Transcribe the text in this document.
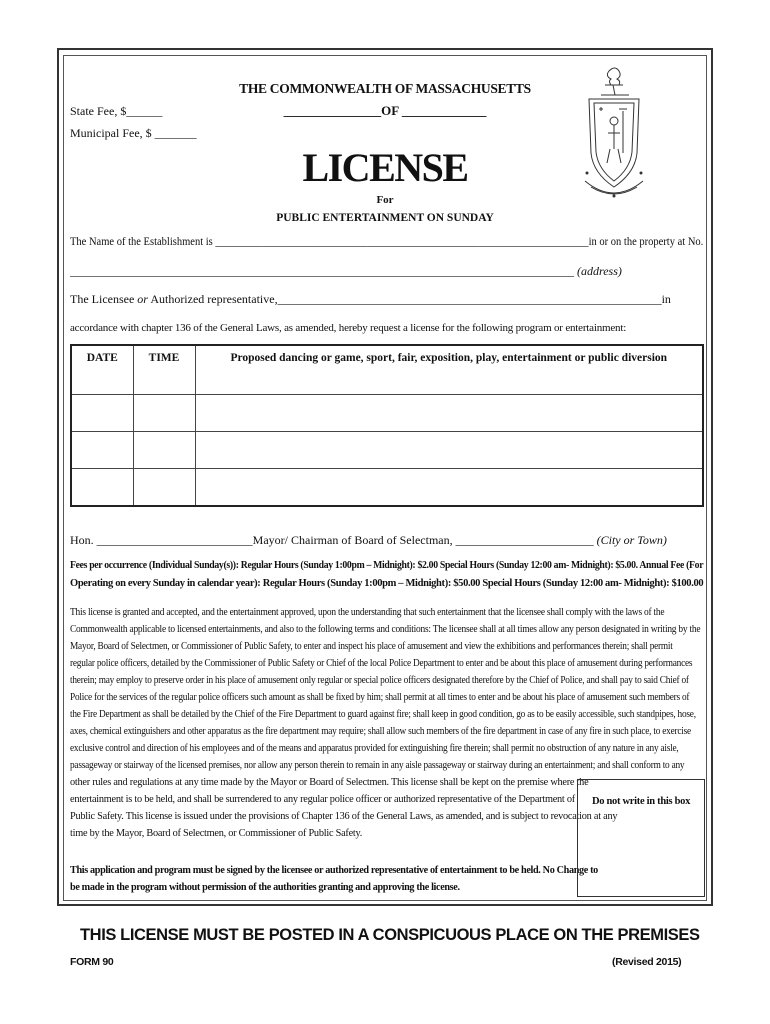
State Fee, $______
Municipal Fee, $ _______
THE COMMONWEALTH OF MASSACHUSETTS
_______________OF _____________
LICENSE
For
PUBLIC ENTERTAINMENT ON SUNDAY
The Name of the Establishment is _______________________________________________________________________in or on the property at No.
____________________________________________________________________________________ (address)
The Licensee or Authorized representative,________________________________________________________________in
accordance with chapter 136 of the General Laws, as amended, hereby request a license for the following program or entertainment:
DATE	TIME	Proposed dancing or game, sport, fair, exposition, play, entertainment or public diversion

Hon. __________________________Mayor/ Chairman of Board of Selectman, _______________________ (City or Town)
Fees per occurrence (Individual Sunday(s)): Regular Hours (Sunday 1:00pm – Midnight): $2.00 Special Hours (Sunday 12:00 am- Midnight): $5.00. Annual Fee (For
Operating on every Sunday in calendar year): Regular Hours (Sunday 1:00pm – Midnight): $50.00 Special Hours (Sunday 12:00 am- Midnight): $100.00
This license is granted and accepted, and the entertainment approved, upon the understanding that such entertainment that the licensee shall comply with the laws of the Commonwealth applicable to licensed entertainments, and also to the following terms and conditions: The licensee shall at all times allow any person designated in writing by the Mayor, Board of Selectmen, or Commissioner of Public Safety, to enter and inspect his place of amusement and view the exhibitions and performances therein; shall permit regular police officers, detailed by the Commissioner of Public Safety or Chief of the local Police Department to enter and be about this place of amusement during performances therein; may employ to preserve order in his place of amusement only regular or special police officers designated therefore by the Chief of Police, and shall pay to said Chief of Police for the services of the regular police officers such amount as shall be fixed by him; shall permit at all times to enter and be about his place of amusement such members of the Fire Department as shall be detailed by the Chief of the Fire Department to guard against fire; shall keep in good condition, go as to be easily accessible, such standpipes, hose, axes, chemical extinguishers and other apparatus as the fire department may require; shall allow such members of the fire department in case of any fire in such place, to exercise exclusive control and direction of his employees and of the means and apparatus provided for extinguishing fire therein; shall permit no obstruction of any nature in any aisle, passageway or stairway of the licensed premises, nor allow any person therein to remain in any aisle passageway or stairway during an entertainment; and shall conform to any
other rules and regulations at any time made by the Mayor or Board of Selectmen. This license shall be kept on the premise where the
entertainment is to be held, and shall be surrendered to any regular police officer or authorized representative of the Department of
Public Safety. This license is issued under the provisions of Chapter 136 of the General Laws, as amended, and is subject to revocation at any
time by the Mayor, Board of Selectmen, or Commissioner of Public Safety.
This application and program must be signed by the licensee or authorized representative of entertainment to be held. No Change to
be made in the program without permission of the authorities granting and approving the license.
Do not write in this box
THIS LICENSE MUST BE POSTED IN A CONSPICUOUS PLACE ON THE PREMISES
FORM 90	(Revised 2015)
